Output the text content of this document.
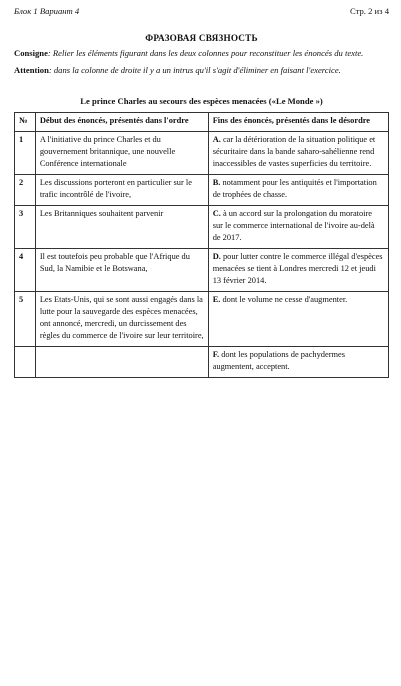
Блок 1 Вариант 4	Стр. 2 из 4
ФРАЗОВАЯ СВЯЗНОСТЬ
Consigne: Relier les éléments figurant dans les deux colonnes pour reconstituer les énoncés du texte.
Attention: dans la colonne de droite il y a un intrus qu'il s'agit d'éliminer en faisant l'exercice.
Le prince Charles au secours des espèces menacées («Le Monde »)
№	Début des énoncés, présentés dans l'ordre	Fins des énoncés, présentés dans le désordre
1	A l'initiative du prince Charles et du gouvernement britannique, une nouvelle Conférence internationale	A. car la détérioration de la situation politique et sécuritaire dans la bande saharo-sahélienne rend inaccessibles de vastes superficies du territoire.
2	Les discussions porteront en particulier sur le trafic incontrôlé de l'ivoire,	B. notamment pour les antiquités et l'importation de trophées de chasse.
3	Les Britanniques souhaitent parvenir	C. à un accord sur la prolongation du moratoire sur le commerce international de l'ivoire au-delà de 2017.
4	Il est toutefois peu probable que l'Afrique du Sud, la Namibie et le Botswana,	D. pour lutter contre le commerce illégal d'espèces menacées se tient à Londres mercredi 12 et jeudi 13 février 2014.
5	Les Etats-Unis, qui se sont aussi engagés dans la lutte pour la sauvegarde des espèces menacées, ont annoncé, mercredi, un durcissement des règles du commerce de l'ivoire sur leur territoire,	E. dont le volume ne cesse d'augmenter.
		F. dont les populations de pachydermes augmentent, acceptent.
